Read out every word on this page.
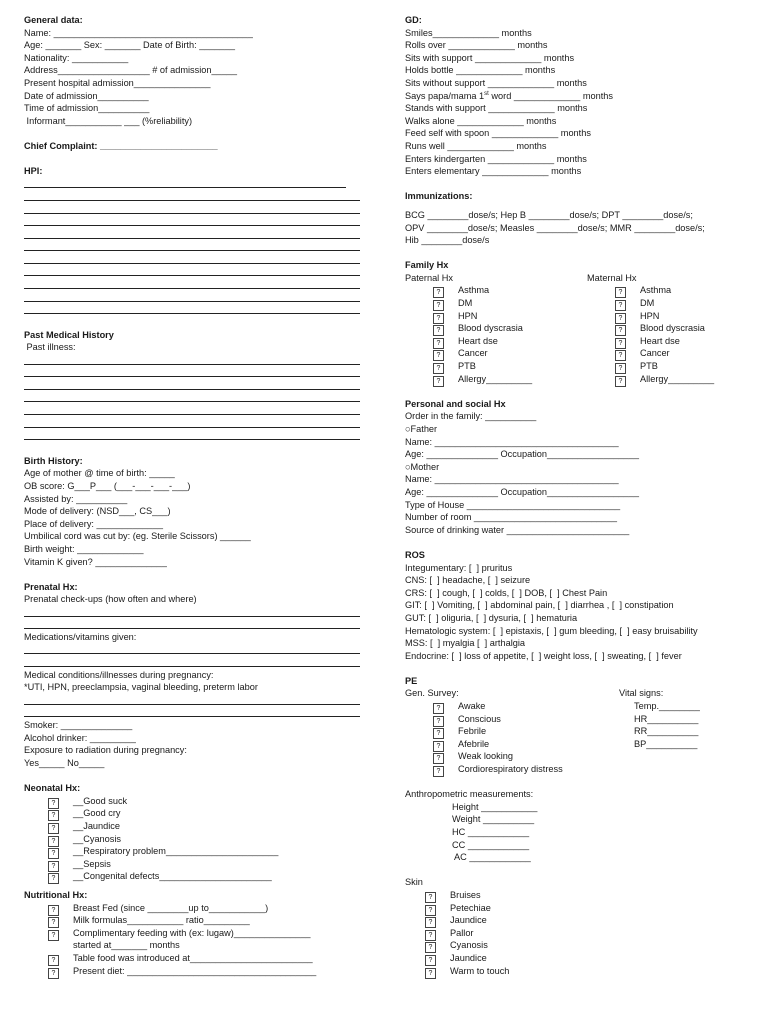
General data:
Name: _______________________________________
Age: _______ Sex: _______ Date of Birth: _______
Nationality: ___________
Address__________________ # of admission_____
Present hospital admission_______________
Date of admission__________
Time of admission__________
Informant___________ ___ (%reliability)
Chief Complaint: _______________________
HPI:
Past Medical History
Past illness:
Birth History:
Age of mother @ time of birth: _____
OB score: G___P___ (___-___-___-___)
Assisted by: __________
Mode of delivery: (NSD___, CS___)
Place of delivery: _____________
Umbilical cord was cut by: (eg. Sterile Scissors) ______
Birth weight: _____________
Vitamin K given? ______________
Prenatal Hx:
Prenatal check-ups (how often and where)
Medications/vitamins given:
Medical conditions/illnesses during pregnancy:
*UTI, HPN, preeclampsia, vaginal bleeding, preterm labor
Smoker: ______________
Alcohol drinker: _________
Exposure to radiation during pregnancy:
Yes_____ No_____
Neonatal Hx:
? __Good suck
? __Good cry
? __Jaundice
? __Cyanosis
? __Respiratory problem______________________
? __Sepsis
? __Congenital defects______________________
Nutritional Hx:
? Breast Fed (since ________up to___________)
? Milk formulas___________ ratio_________
? Complimentary feeding with (ex: lugaw)_______________
started at_______ months
? Table food was introduced at________________________
? Present diet: _____________________________________
GD:
Smiles_____________ months
Rolls over _____________ months
Sits with support _____________ months
Holds bottle _____________ months
Sits without support _____________ months
Says papa/mama 1st word _____________ months
Stands with support _____________ months
Walks alone _____________ months
Feed self with spoon _____________ months
Runs well _____________ months
Enters kindergarten _____________ months
Enters elementary _____________ months
Immunizations:
BCG ________dose/s; Hep B ________dose/s; DPT ________dose/s;
OPV ________dose/s; Measles ________dose/s; MMR ________dose/s;
Hib ________dose/s
Family Hx
Paternal Hx
? Asthma
? DM
? HPN
? Blood dyscrasia
? Heart dse
? Cancer
? PTB
? Allergy_________
Maternal Hx
? Asthma
? DM
? HPN
? Blood dyscrasia
? Heart dse
? Cancer
? PTB
? Allergy_________
Personal and social Hx
Order in the family: __________
○Father
Name: ____________________________________
Age: ______________ Occupation__________________
○Mother
Name: ____________________________________
Age: ______________ Occupation__________________
Type of House ______________________________
Number of room ____________________________
Source of drinking water ________________________
ROS
Integumentary: [  ] pruritus
CNS: [  ] headache, [  ] seizure
CRS: [  ] cough, [  ] colds, [  ] DOB, [  ] Chest Pain
GIT: [  ] Vomiting, [  ] abdominal pain, [  ] diarrhea , [  ] constipation
GUT: [  ] oliguria, [  ] dysuria, [  ] hematuria
Hematologic system: [  ] epistaxis, [  ] gum bleeding, [  ] easy bruisability
MSS: [  ] myalgia [  ] arthalgia
Endocrine: [  ] loss of appetite, [  ] weight loss, [  ] sweating, [  ] fever
PE
Gen. Survey:
? Awake
? Conscious
? Febrile
? Afebrile
? Weak looking
? Cordiorespiratory distress
Vital signs:
Temp.________
HR__________
RR__________
BP__________
Anthropometric measurements:
Height ___________
Weight __________
HC ____________
CC ____________
AC ____________
Skin
? Bruises
? Petechiae
? Jaundice
? Pallor
? Cyanosis
? Jaundice
? Warm to touch
